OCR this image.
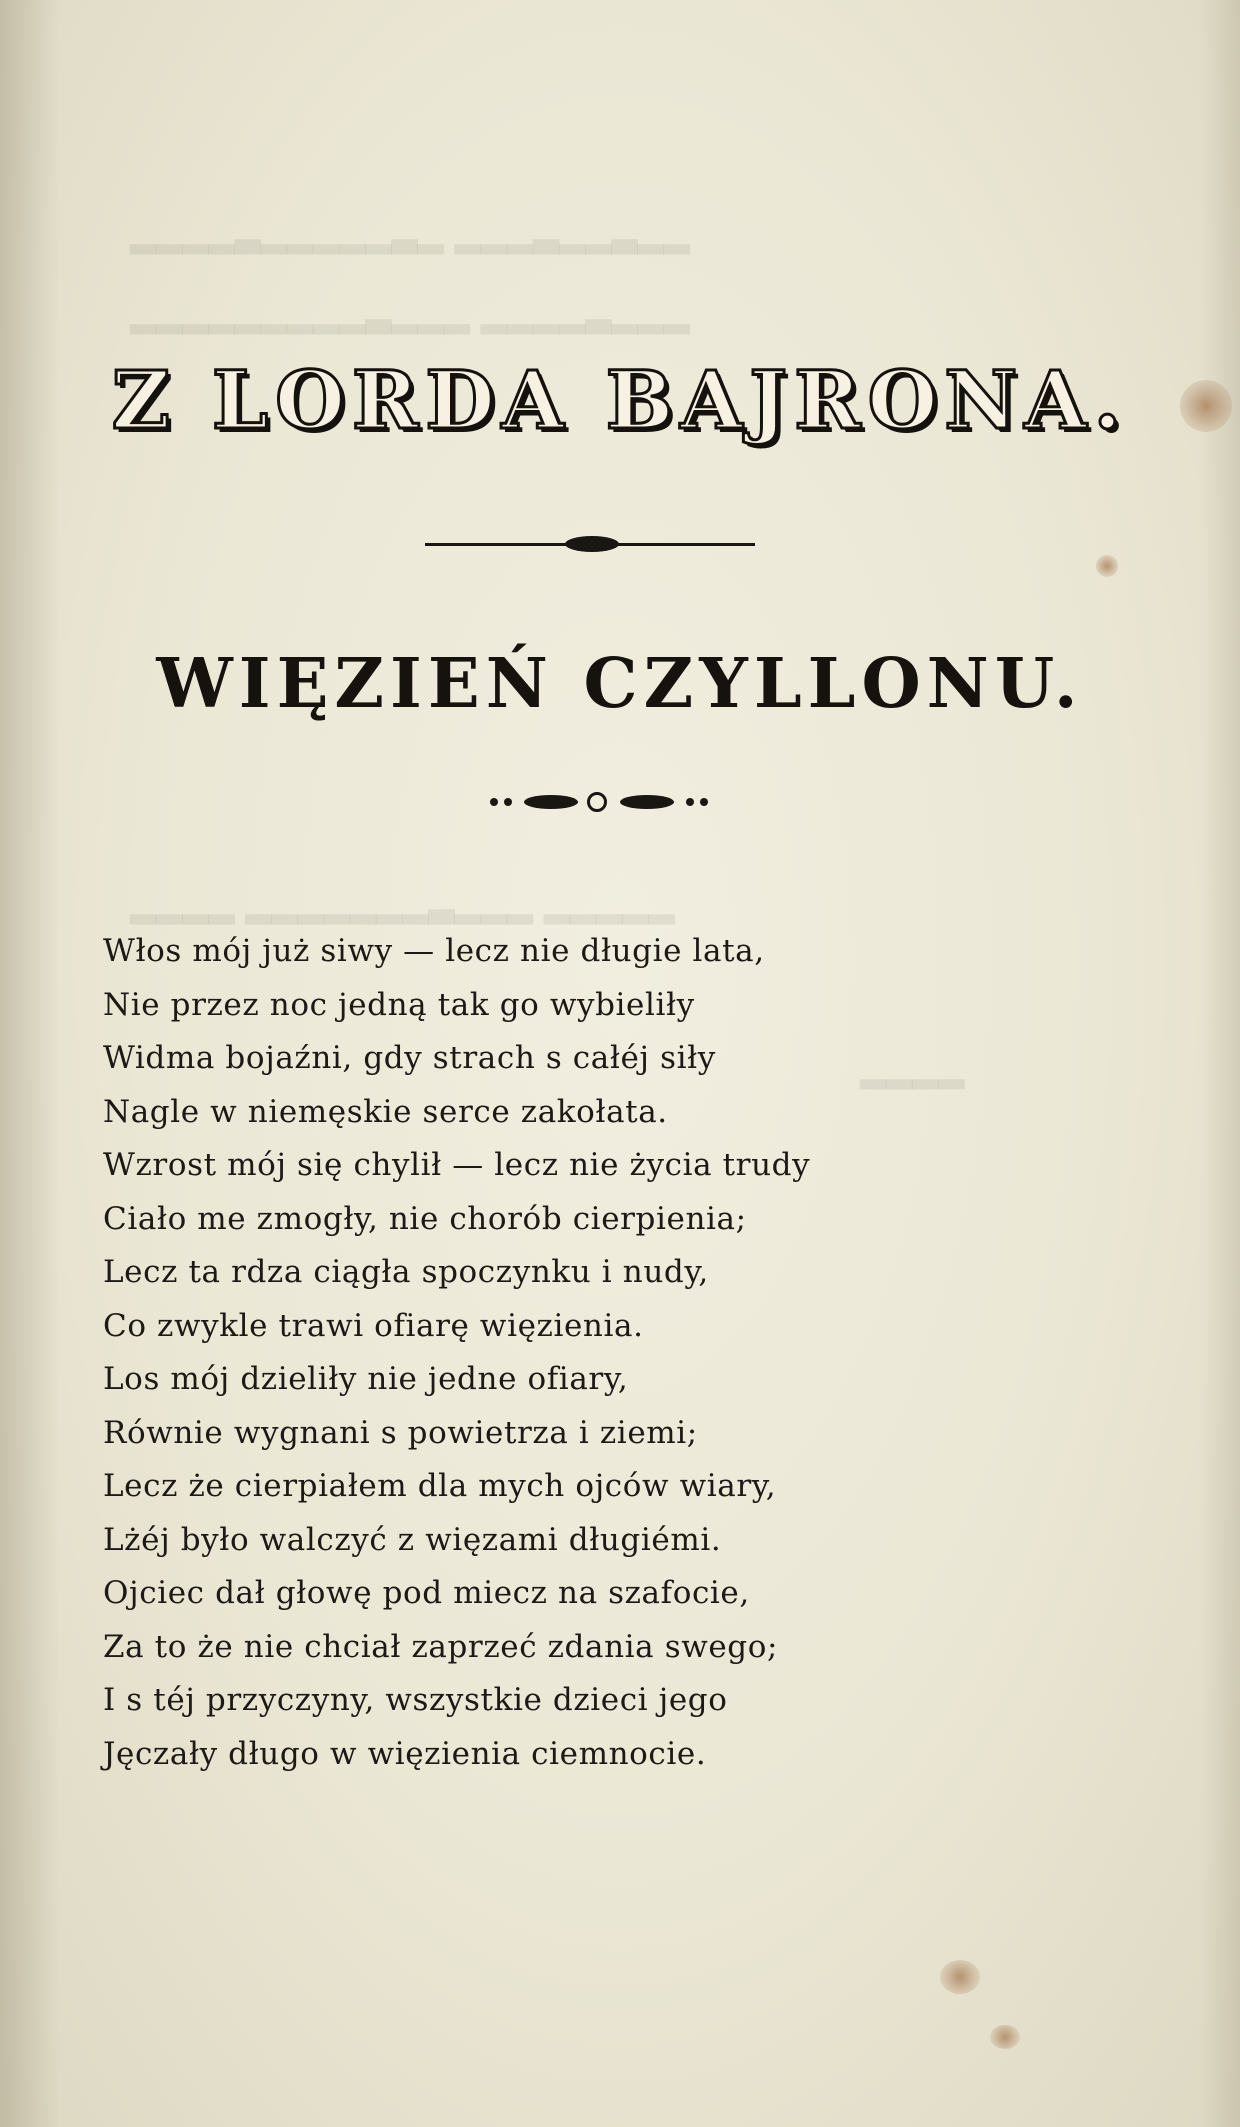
▂▂▃▂▂▃▂▂▂ ▂▃▂▂▂▂▂▃▂▂▂▂
▂▂▂▃▂▂▂▂ ▂▂▂▃▂▂▂▂▂▂▂▂▂
▂▂▂▂▂ ▂▂▂▃▂▂▂▂▂▂▂ ▂▂▂▂
▂▂▂▂
Z LORDA BAJRONA.
WIĘZIEŃ CZYLLONU.
Włos mój już siwy — lecz nie długie lata,
Nie przez noc jedną tak go wybieliły
Widma bojaźni, gdy strach s całéj siły
Nagle w niemęskie serce zakołata.
Wzrost mój się chylił — lecz nie życia trudy
Ciało me zmogły, nie chorób cierpienia;
Lecz ta rdza ciągła spoczynku i nudy,
Co zwykle trawi ofiarę więzienia.
Los mój dzieliły nie jedne ofiary,
Równie wygnani s powietrza i ziemi;
Lecz że cierpiałem dla mych ojców wiary,
Lżéj było walczyć z więzami długiémi.
Ojciec dał głowę pod miecz na szafocie,
Za to że nie chciał zaprzeć zdania swego;
I s téj przyczyny, wszystkie dzieci jego
Jęczały długo w więzienia ciemnocie.
